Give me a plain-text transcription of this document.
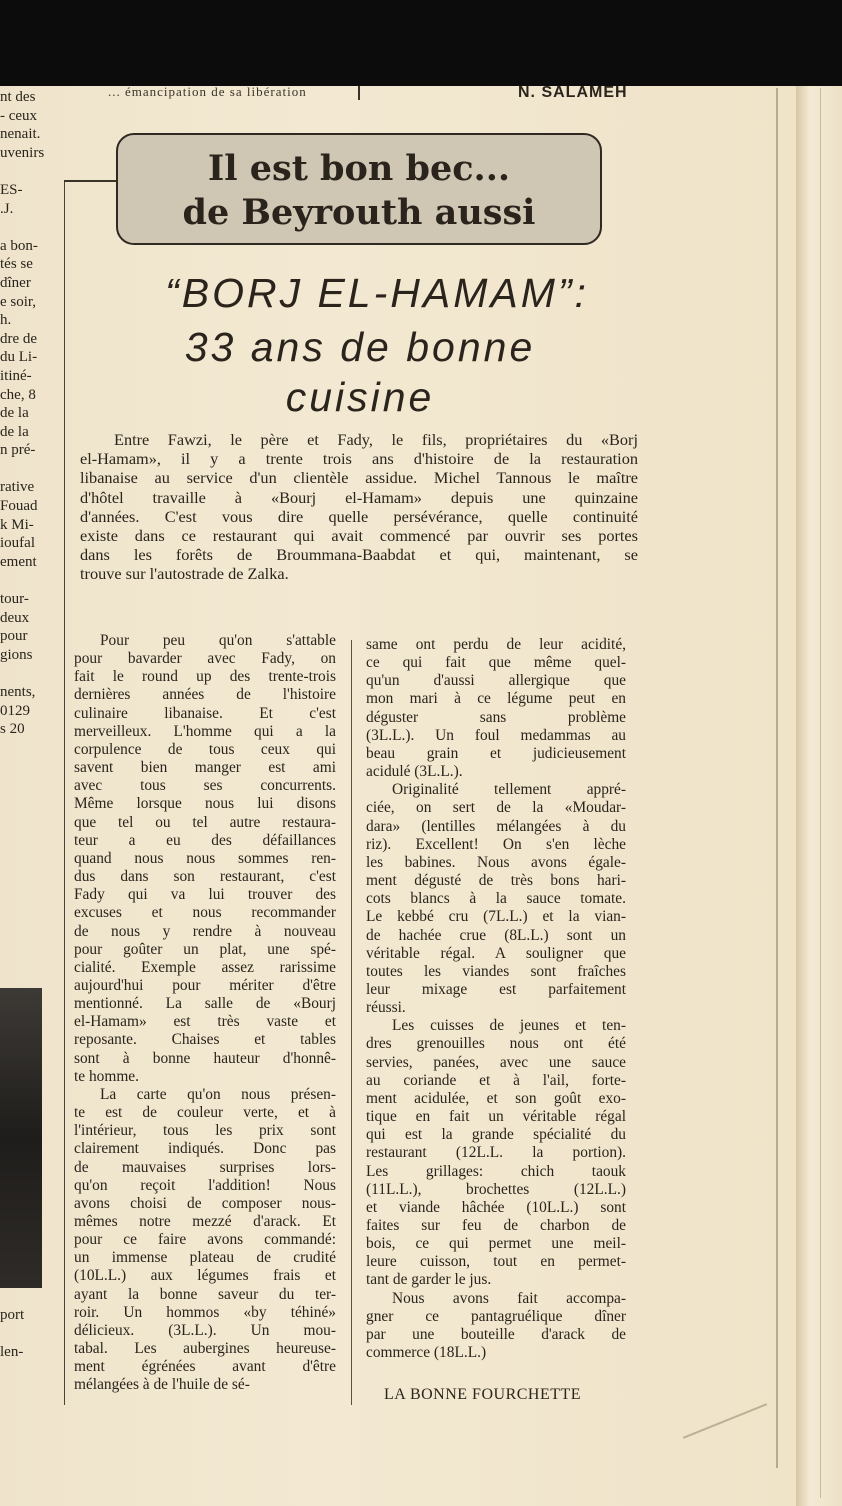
... émancipation de sa libération	N. SALAMEH
nt des
- ceux
nenait.
uvenirs

ES-
.J.

a bon-
tés se
dîner
e soir,
h.
dre de
du Li-
itiné-
che, 8
de la
de la
n pré-

rative
Fouad
k Mi-
ioufal
ement

tour-
deux
pour
gions

nents,
0129
s 20
port

len-
Il est bon bec...
de Beyrouth aussi
“BORJ EL-HAMAM”:
33 ans de bonne
cuisine
Entre Fawzi, le père et Fady, le fils, propriétaires du «Borj
el-Hamam», il y a trente trois ans d'histoire de la restauration
libanaise au service d'un clientèle assidue. Michel Tannous le maître
d'hôtel travaille à «Bourj el-Hamam» depuis une quinzaine
d'années. C'est vous dire quelle persévérance, quelle continuité
existe dans ce restaurant qui avait commencé par ouvrir ses portes
dans les forêts de Broummana-Baabdat et qui, maintenant, se
trouve sur l'autostrade de Zalka.
Pour peu qu'on s'attable
pour bavarder avec Fady, on
fait le round up des trente-trois
dernières années de l'histoire
culinaire libanaise. Et c'est
merveilleux. L'homme qui a la
corpulence de tous ceux qui
savent bien manger est ami
avec tous ses concurrents.
Même lorsque nous lui disons
que tel ou tel autre restaura-
teur a eu des défaillances
quand nous nous sommes ren-
dus dans son restaurant, c'est
Fady qui va lui trouver des
excuses et nous recommander
de nous y rendre à nouveau
pour goûter un plat, une spé-
cialité. Exemple assez rarissime
aujourd'hui pour mériter d'être
mentionné. La salle de «Bourj
el-Hamam» est très vaste et
reposante. Chaises et tables
sont à bonne hauteur d'honnê-
te homme.
La carte qu'on nous présen-
te est de couleur verte, et à
l'intérieur, tous les prix sont
clairement indiqués. Donc pas
de mauvaises surprises lors-
qu'on reçoit l'addition! Nous
avons choisi de composer nous-
mêmes notre mezzé d'arack. Et
pour ce faire avons commandé:
un immense plateau de crudité
(10L.L.) aux légumes frais et
ayant la bonne saveur du ter-
roir. Un hommos «by téhiné»
délicieux. (3L.L.). Un mou-
tabal. Les aubergines heureuse-
ment égrénées avant d'être
mélangées à de l'huile de sé-
same ont perdu de leur acidité,
ce qui fait que même quel-
qu'un d'aussi allergique que
mon mari à ce légume peut en
déguster sans problème
(3L.L.). Un foul medammas au
beau grain et judicieusement
acidulé (3L.L.).
Originalité tellement appré-
ciée, on sert de la «Moudar-
dara» (lentilles mélangées à du
riz). Excellent! On s'en lèche
les babines. Nous avons égale-
ment dégusté de très bons hari-
cots blancs à la sauce tomate.
Le kebbé cru (7L.L.) et la vian-
de hachée crue (8L.L.) sont un
véritable régal. A souligner que
toutes les viandes sont fraîches
leur mixage est parfaitement
réussi.
Les cuisses de jeunes et ten-
dres grenouilles nous ont été
servies, panées, avec une sauce
au coriande et à l'ail, forte-
ment acidulée, et son goût exo-
tique en fait un véritable régal
qui est la grande spécialité du
restaurant (12L.L. la portion).
Les grillages: chich taouk
(11L.L.), brochettes (12L.L.)
et viande hâchée (10L.L.) sont
faites sur feu de charbon de
bois, ce qui permet une meil-
leure cuisson, tout en permet-
tant de garder le jus.
Nous avons fait accompa-
gner ce pantagruélique dîner
par une bouteille d'arack de
commerce (18L.L.)
LA BONNE FOURCHETTE
